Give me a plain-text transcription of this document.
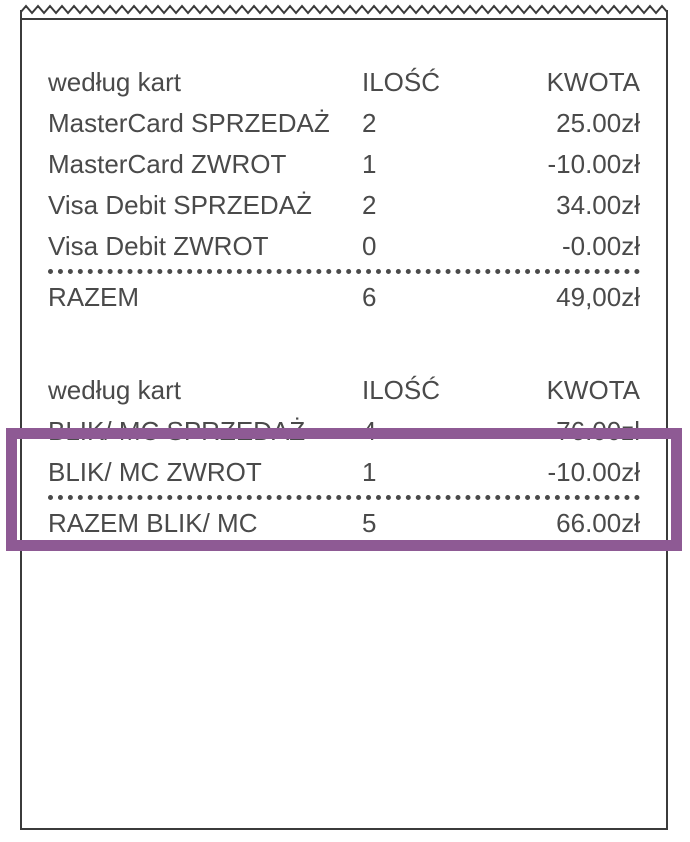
według kart	ILOŚĆ	KWOTA
MasterCard SPRZEDAŻ	2	25.00zł
MasterCard ZWROT	1	-10.00zł
Visa Debit SPRZEDAŻ	2	34.00zł
Visa Debit ZWROT	0	-0.00zł

RAZEM	6	49,00zł
według kart	ILOŚĆ	KWOTA
BLIK/ MC SPRZEDAŻ	4	76.00zł
BLIK/ MC ZWROT	1	-10.00zł

RAZEM BLIK/ MC	5	66.00zł
